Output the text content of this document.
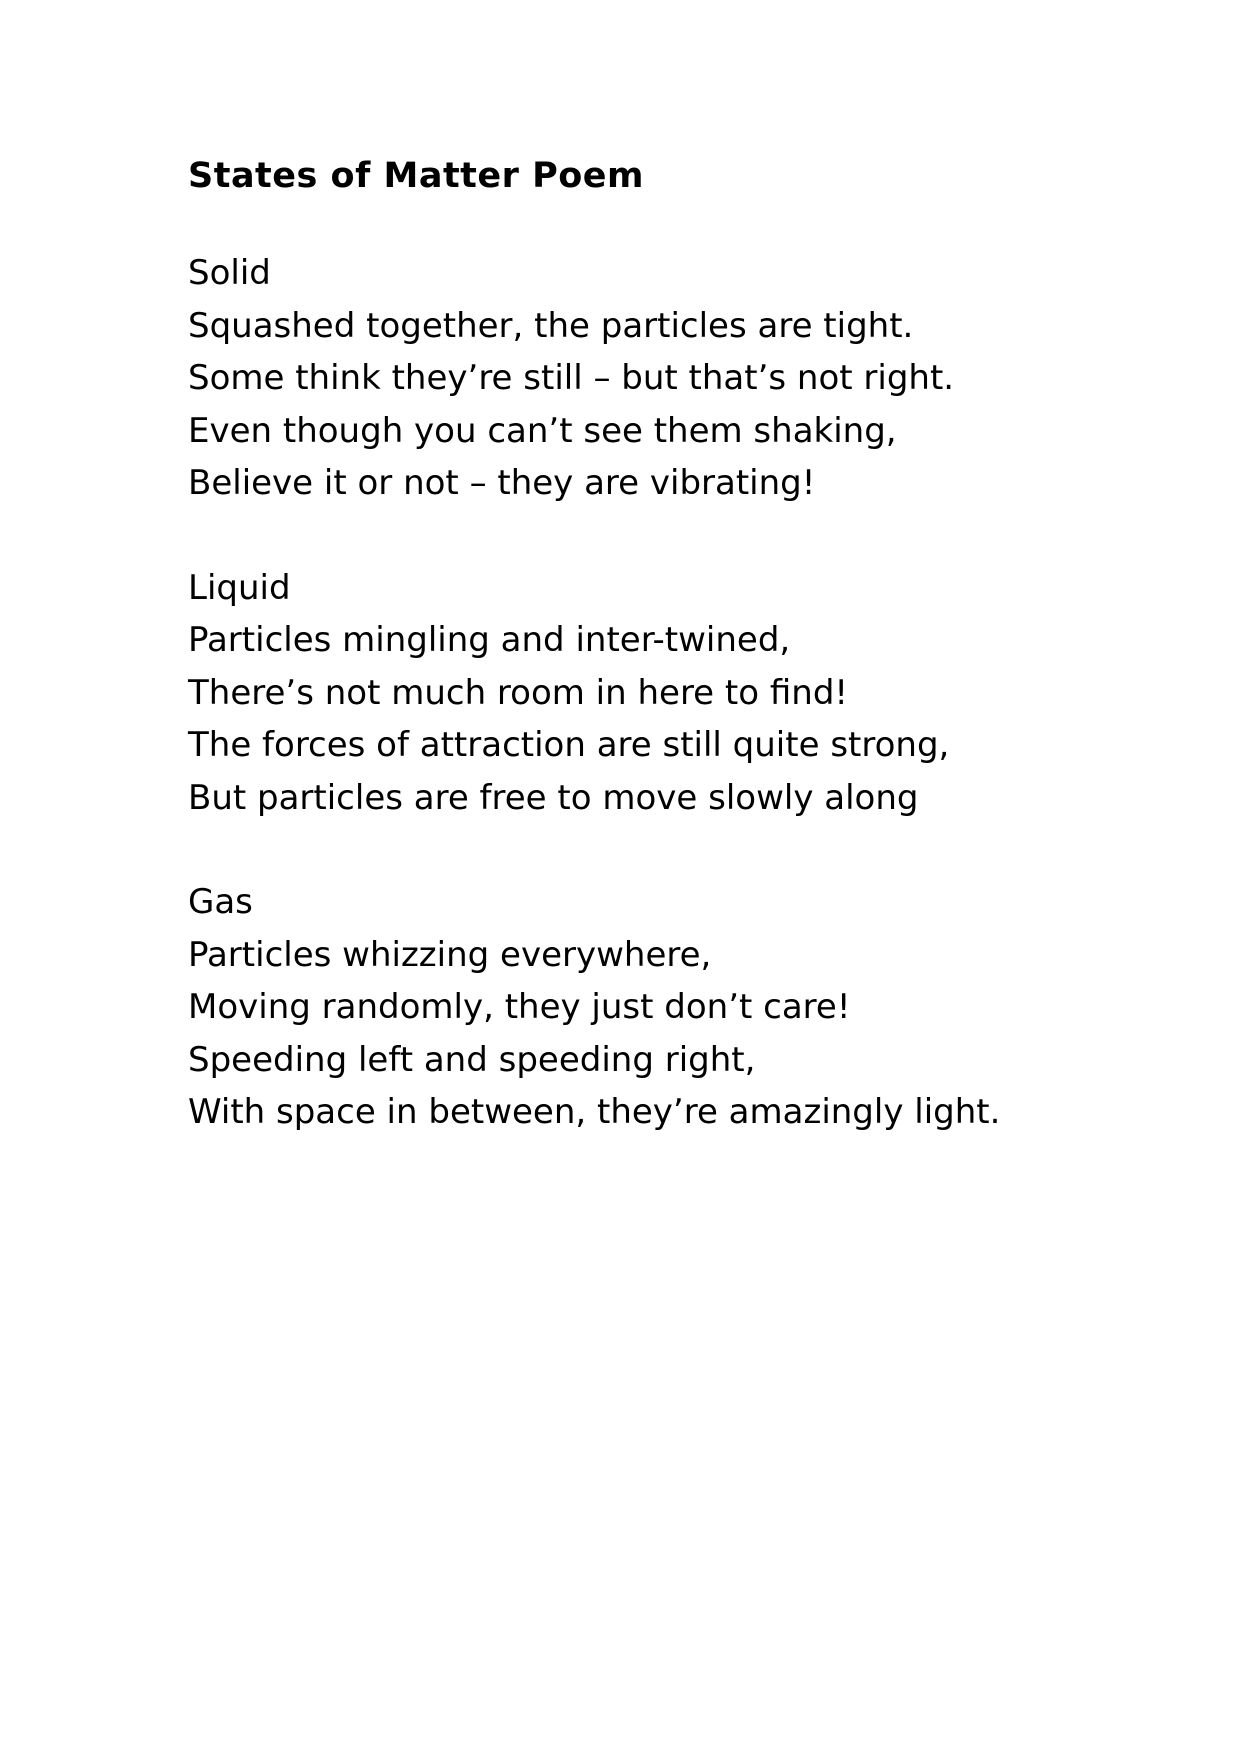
States of Matter Poem
Solid
Squashed together, the particles are tight.
Some think they’re still – but that’s not right.
Even though you can’t see them shaking,
Believe it or not – they are vibrating!
Liquid
Particles mingling and inter-twined,
There’s not much room in here to find!
The forces of attraction are still quite strong,
But particles are free to move slowly along
Gas
Particles whizzing everywhere,
Moving randomly, they just don’t care!
Speeding left and speeding right,
With space in between, they’re amazingly light.
